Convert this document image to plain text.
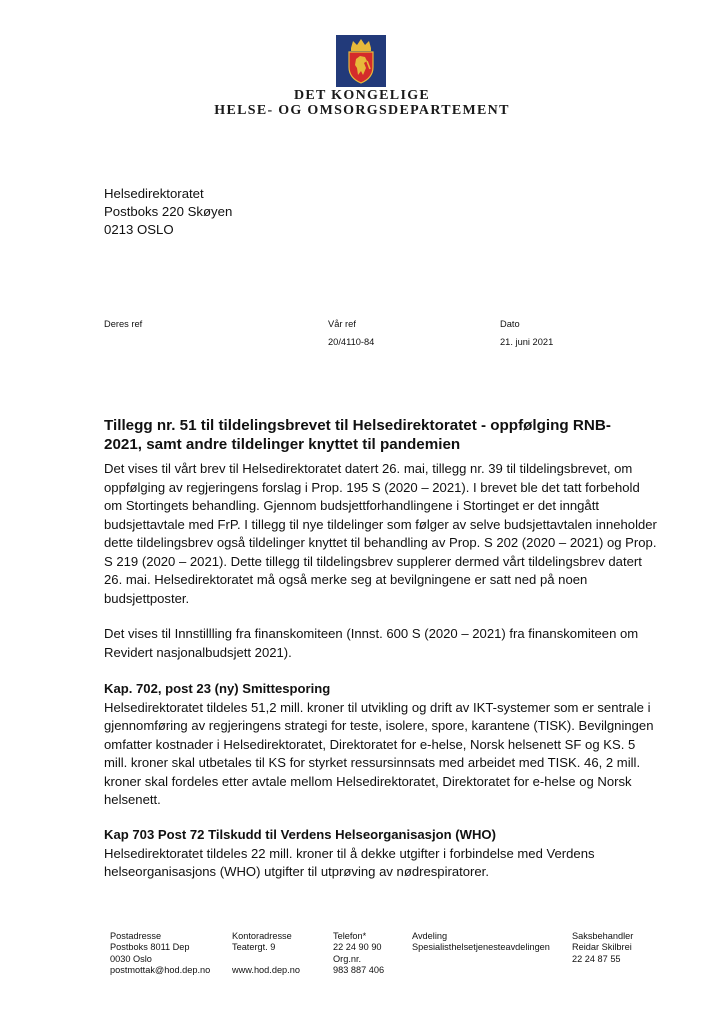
DET KONGELIGE
HELSE- OG OMSORGSDEPARTEMENT
Helsedirektoratet
Postboks 220 Skøyen
0213 OSLO
Deres ref	Vår ref
20/4110-84
Dato
21. juni 2021
Tillegg nr. 51 til tildelingsbrevet til Helsedirektoratet - oppfølging RNB-2021, samt andre tildelinger knyttet til pandemien

Det vises til vårt brev til Helsedirektoratet datert 26. mai, tillegg nr. 39 til tildelingsbrevet, om oppfølging av regjeringens forslag i Prop. 195 S (2020 – 2021). I brevet ble det tatt forbehold om Stortingets behandling. Gjennom budsjettforhandlingene i Stortinget er det inngått budsjettavtale med FrP. I tillegg til nye tildelinger som følger av selve budsjettavtalen inneholder dette tildelingsbrev også tildelinger knyttet til behandling av Prop. S 202 (2020 – 2021) og Prop. S 219 (2020 – 2021). Dette tillegg til tildelingsbrev supplerer dermed vårt tildelingsbrev datert 26. mai. Helsedirektoratet må også merke seg at bevilgningene er satt ned på noen budsjettposter.

Det vises til Innstillling fra finanskomiteen (Innst. 600 S (2020 – 2021) fra finanskomiteen om Revidert nasjonalbudsjett 2021).

Kap. 702, post 23 (ny) Smittesporing

Helsedirektoratet tildeles 51,2 mill. kroner til utvikling og drift av IKT-systemer som er sentrale i gjennomføring av regjeringens strategi for teste, isolere, spore, karantene (TISK). Bevilgningen omfatter kostnader i Helsedirektoratet, Direktoratet for e-helse, Norsk helsenett SF og KS. 5 mill. kroner skal utbetales til KS for styrket ressursinnsats med arbeidet med TISK. 46, 2 mill. kroner skal fordeles etter avtale mellom Helsedirektoratet, Direktoratet for e-helse og Norsk helsenett.

Kap 703 Post 72 Tilskudd til Verdens Helseorganisasjon (WHO)

Helsedirektoratet tildeles 22 mill. kroner til å dekke utgifter i forbindelse med Verdens helseorganisasjons (WHO) utgifter til utprøving av nødrespiratorer.

Postadresse
Postboks 8011 Dep
0030 Oslo
postmottak@hod.dep.no
Kontoradresse
Teatergt. 9

www.hod.dep.no
Telefon*
22 24 90 90
Org.nr.
983 887 406
Avdeling
Spesialisthelsetjenesteavdelingen
Saksbehandler
Reidar Skilbrei
22 24 87 55
